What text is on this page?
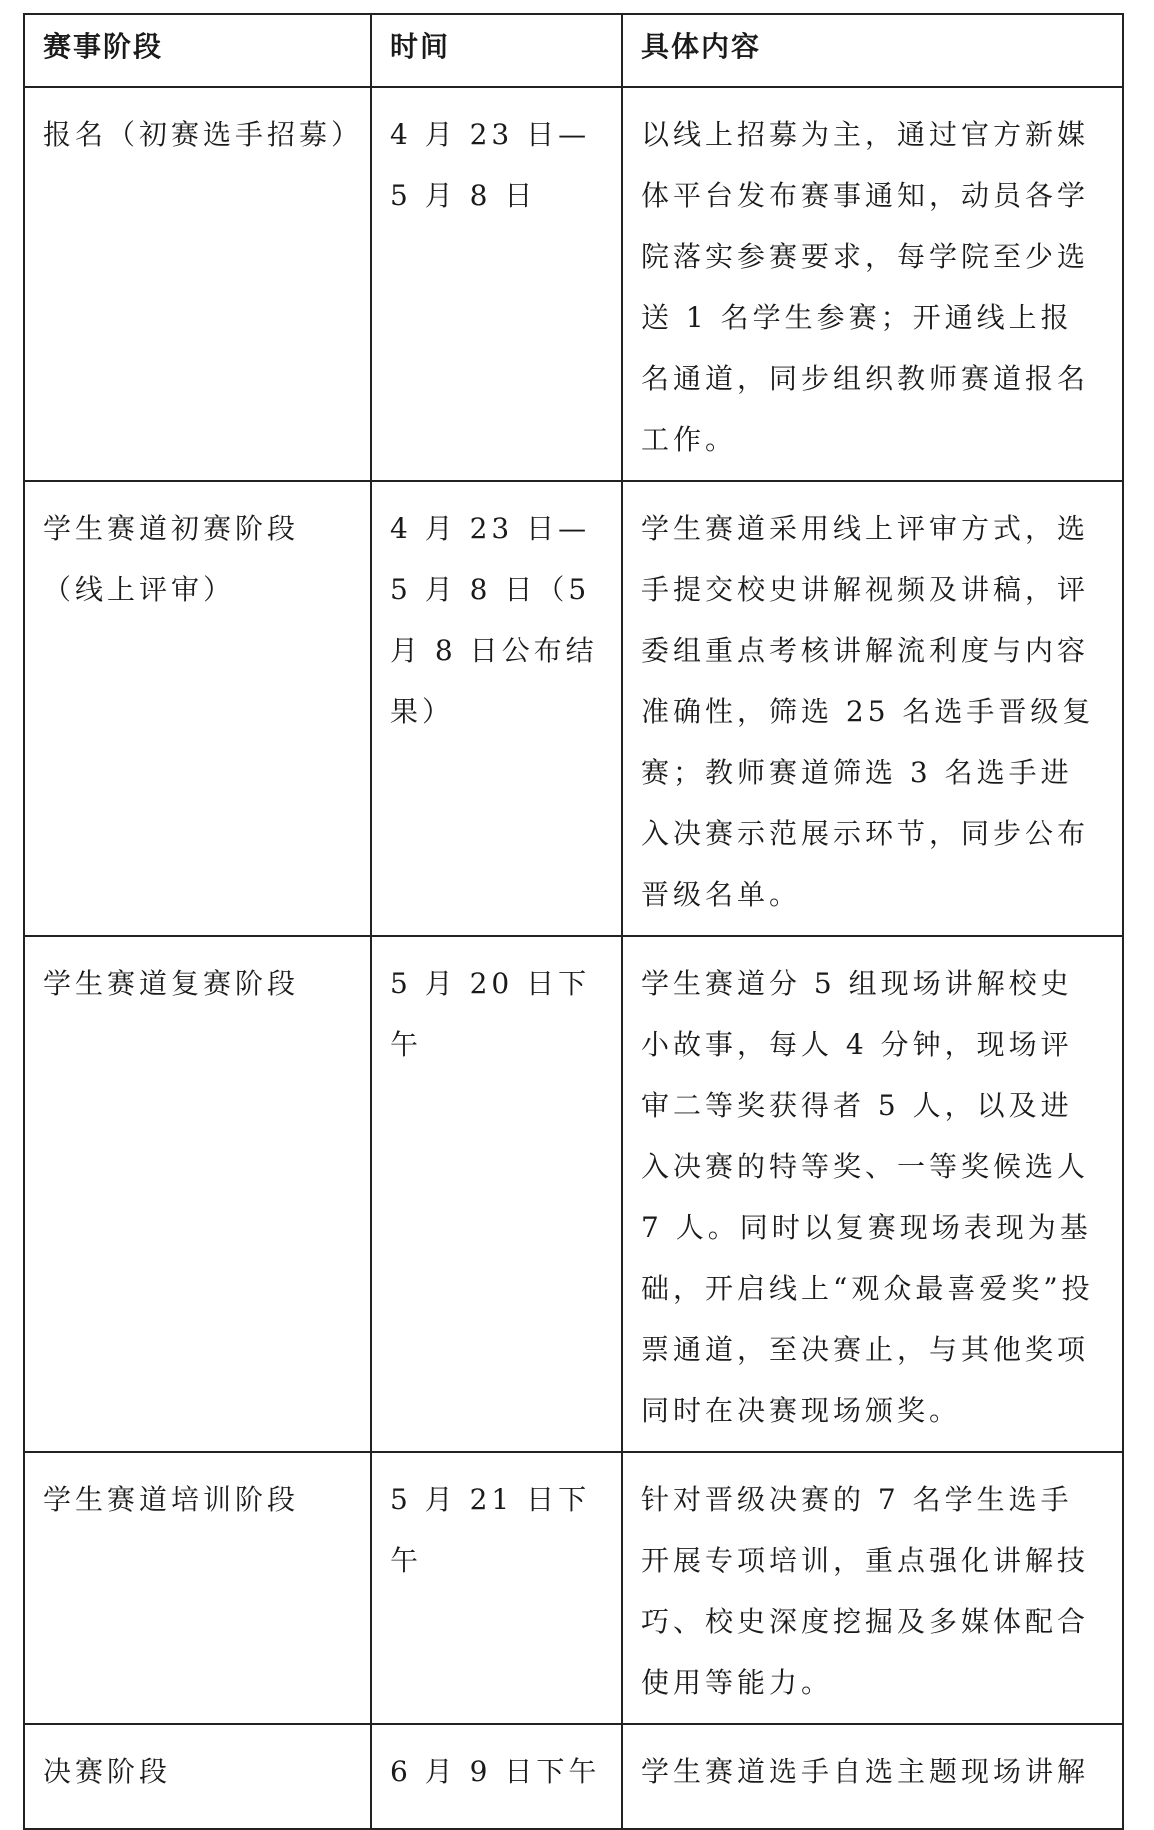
赛事阶段	时间	具体内容
报名（初赛选手招募）	4 月 23 日—5 月 8 日	以线上招募为主，通过官方新媒体平台发布赛事通知，动员各学院落实参赛要求，每学院至少选送 1 名学生参赛；开通线上报名通道，同步组织教师赛道报名工作。
学生赛道初赛阶段（线上评审）	4 月 23 日—5 月 8 日（5 月 8 日公布结果）	学生赛道采用线上评审方式，选手提交校史讲解视频及讲稿，评委组重点考核讲解流利度与内容准确性，筛选 25 名选手晋级复赛；教师赛道筛选 3 名选手进入决赛示范展示环节，同步公布晋级名单。
学生赛道复赛阶段	5 月 20 日下午	学生赛道分 5 组现场讲解校史小故事，每人 4 分钟，现场评审二等奖获得者 5 人，以及进入决赛的特等奖、一等奖候选人 7 人。同时以复赛现场表现为基础，开启线上“观众最喜爱奖”投票通道，至决赛止，与其他奖项同时在决赛现场颁奖。
学生赛道培训阶段	5 月 21 日下午	针对晋级决赛的 7 名学生选手开展专项培训，重点强化讲解技巧、校史深度挖掘及多媒体配合使用等能力。
决赛阶段	6 月 9 日下午	学生赛道选手自选主题现场讲解
